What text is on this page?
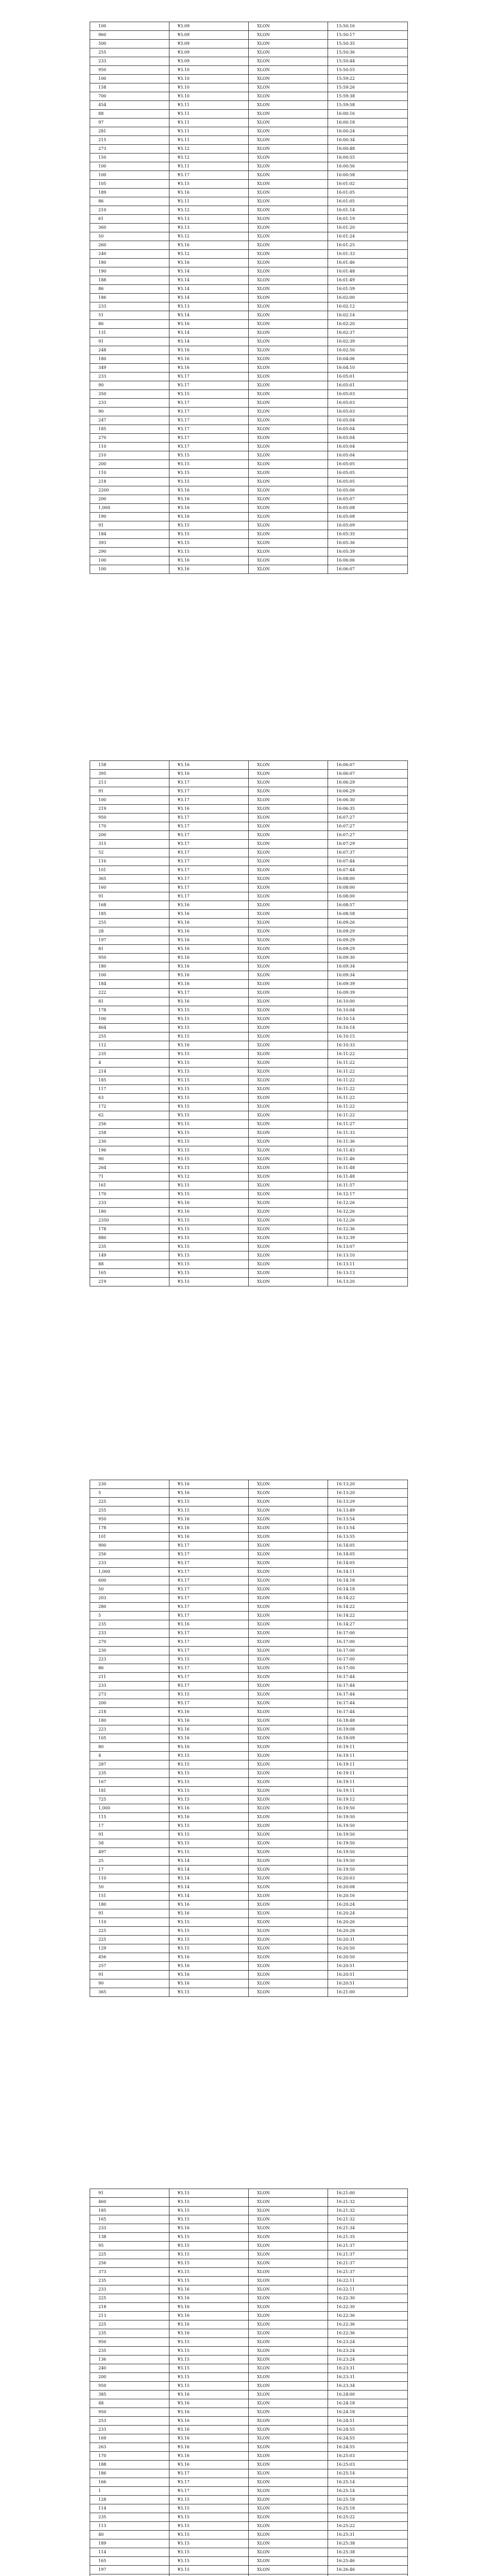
100	¥3.09	XLON	15:50:16
960	¥3.09	XLON	15:50:17
500	¥3.09	XLON	15:50:35
255	¥3.09	XLON	15:50:36
233	¥3.09	XLON	15:50:44
950	¥3.10	XLON	15:50:55
100	¥3.10	XLON	15:59:22
158	¥3.10	XLON	15:59:26
700	¥3.10	XLON	15:59:38
454	¥3.11	XLON	15:59:58
88	¥3.11	XLON	16:00:16
97	¥3.11	XLON	16:00:18
281	¥3.11	XLON	16:00:24
215	¥3.11	XLON	16:00:34
273	¥3.12	XLON	16:00:48
150	¥3.12	XLON	16:00:55
100	¥3.11	XLON	16:00:56
100	¥3.17	XLON	16:00:58
105	¥3.15	XLON	16:01:02
189	¥3.16	XLON	16:01:05
86	¥3.11	XLON	16:01:05
210	¥3.12	XLON	16:01:14
61	¥3.13	XLON	16:01:19
360	¥3.13	XLON	16:01:20
50	¥3.12	XLON	16:01:24
260	¥3.16	XLON	16:01:25
240	¥3.12	XLON	16:01:33
180	¥3.16	XLON	16:01:46
190	¥3.14	XLON	16:01:48
188	¥3.14	XLON	16:01:49
86	¥3.14	XLON	16:01:59
186	¥3.14	XLON	16:02:00
233	¥3.13	XLON	16:02:12
51	¥3.14	XLON	16:02:14
86	¥3.16	XLON	16:02:20
131	¥3.14	XLON	16:02:37
91	¥3.14	XLON	16:02:39
248	¥3.16	XLON	16:02:50
180	¥3.16	XLON	16:04:06
349	¥3.16	XLON	16:04:10
233	¥3.17	XLON	16:05:01
90	¥3.17	XLON	16:05:01
350	¥3.15	XLON	16:05:03
233	¥3.17	XLON	16:05:03
90	¥3.17	XLON	16:05:03
247	¥3.17	XLON	16:05:04
185	¥3.17	XLON	16:05:04
270	¥3.17	XLON	16:05:04
110	¥3.17	XLON	16:05:04
210	¥3.15	XLON	16:05:04
200	¥3.15	XLON	16:05:05
110	¥3.15	XLON	16:05:05
218	¥3.15	XLON	16:05:05
2200	¥3.16	XLON	16:05:06
200	¥3.16	XLON	16:05:07
1,000	¥3.16	XLON	16:05:08
190	¥3.16	XLON	16:05:08
91	¥3.15	XLON	16:05:09
184	¥3.15	XLON	16:05:35
393	¥3.15	XLON	16:05:36
290	¥3.15	XLON	16:05:39
100	¥3.16	XLON	16:06:06
100	¥3.16	XLON	16:06:07
158	¥3.16	XLON	16:06:07
395	¥3.16	XLON	16:06:07
213	¥3.17	XLON	16:06:29
91	¥3.17	XLON	16:06:29
100	¥3.17	XLON	16:06:30
219	¥3.16	XLON	16:06:35
950	¥3.17	XLON	16:07:27
170	¥3.17	XLON	16:07:27
200	¥3.17	XLON	16:07:27
315	¥3.17	XLON	16:07:29
52	¥3.17	XLON	16:07:37
116	¥3.17	XLON	16:07:44
101	¥3.17	XLON	16:07:44
365	¥3.17	XLON	16:08:00
160	¥3.17	XLON	16:08:00
91	¥3.17	XLON	16:08:00
168	¥3.16	XLON	16:08:57
185	¥3.16	XLON	16:08:58
255	¥3.16	XLON	16:09:26
28	¥3.16	XLON	16:09:29
197	¥3.16	XLON	16:09:29
81	¥3.16	XLON	16:09:29
950	¥3.16	XLON	16:09:30
180	¥3.16	XLON	16:09:34
100	¥3.16	XLON	16:09:34
184	¥3.16	XLON	16:09:39
222	¥3.17	XLON	16:09:39
81	¥3.16	XLON	16:10:00
178	¥3.15	XLON	16:10:04
100	¥3.15	XLON	16:10:14
464	¥3.15	XLON	16:10:14
255	¥3.15	XLON	16:10:15
112	¥3.16	XLON	16:10:33
235	¥3.15	XLON	16:11:22
4	¥3.15	XLON	16:11:22
214	¥3.15	XLON	16:11:22
185	¥3.15	XLON	16:11:22
117	¥3.15	XLON	16:11:22
63	¥3.15	XLON	16:11:22
172	¥3.15	XLON	16:11:22
62	¥3.15	XLON	16:11:22
256	¥3.15	XLON	16:11:27
258	¥3.15	XLON	16:11:33
230	¥3.15	XLON	16:11:36
196	¥3.15	XLON	16:11:43
90	¥3.15	XLON	16:11:46
264	¥3.15	XLON	16:11:48
71	¥3.12	XLON	16:11:48
161	¥3.15	XLON	16:11:57
170	¥3.15	XLON	16:12:17
233	¥3.16	XLON	16:12:26
180	¥3.16	XLON	16:12:26
2350	¥3.15	XLON	16:12:26
178	¥3.15	XLON	16:12:36
880	¥3.15	XLON	16:12:39
235	¥3.15	XLON	16:13:07
149	¥3.15	XLON	16:13:10
88	¥3.15	XLON	16:13:11
165	¥3.15	XLON	16:13:13
219	¥3.15	XLON	16:13:20
230	¥3.16	XLON	16:13:20
5	¥3.16	XLON	16:13:20
225	¥3.15	XLON	16:13:29
255	¥3.15	XLON	16:13:49
950	¥3.16	XLON	16:13:54
178	¥3.16	XLON	16:13:54
101	¥3.16	XLON	16:13:55
900	¥3.17	XLON	16:14:05
256	¥3.17	XLON	16:14:05
233	¥3.17	XLON	16:14:05
1,000	¥3.17	XLON	16:14:11
600	¥3.17	XLON	16:14:18
50	¥3.17	XLON	16:14:18
203	¥3.17	XLON	16:14:22
280	¥3.17	XLON	16:14:22
5	¥3.17	XLON	16:14:22
235	¥3.16	XLON	16:14:27
233	¥3.17	XLON	16:17:00
270	¥3.17	XLON	16:17:00
230	¥3.17	XLON	16:17:00
223	¥3.15	XLON	16:17:00
86	¥3.17	XLON	16:17:00
211	¥3.17	XLON	16:17:44
233	¥3.17	XLON	16:17:44
273	¥3.15	XLON	16:17:44
200	¥3.17	XLON	16:17:44
218	¥3.16	XLON	16:17:44
180	¥3.16	XLON	16:18:48
223	¥3.16	XLON	16:19:08
105	¥3.16	XLON	16:19:09
80	¥3.16	XLON	16:19:11
4	¥3.15	XLON	16:19:11
287	¥3.15	XLON	16:19:11
235	¥3.15	XLON	16:19:11
167	¥3.15	XLON	16:19:11
181	¥3.15	XLON	16:19:11
725	¥3.15	XLON	16:19:12
1,000	¥3.16	XLON	16:19:50
115	¥3.16	XLON	16:19:50
17	¥3.15	XLON	16:19:50
91	¥3.15	XLON	16:19:50
58	¥3.15	XLON	16:19:50
497	¥3.15	XLON	16:19:50
25	¥3.14	XLON	16:19:50
17	¥3.14	XLON	16:19:50
110	¥3.14	XLON	16:20:03
50	¥3.14	XLON	16:20:08
151	¥3.14	XLON	16:20:16
180	¥3.16	XLON	16:20:24
91	¥3.16	XLON	16:20:24
110	¥3.15	XLON	16:20:26
225	¥3.15	XLON	16:20:28
225	¥3.15	XLON	16:20:31
129	¥3.15	XLON	16:20:50
456	¥3.16	XLON	16:20:50
257	¥3.16	XLON	16:20:51
91	¥3.16	XLON	16:20:51
90	¥3.16	XLON	16:20:51
365	¥3.15	XLON	16:21:00
91	¥3.15	XLON	16:21:00
460	¥3.15	XLON	16:21:32
185	¥3.15	XLON	16:21:32
165	¥3.15	XLON	16:21:32
233	¥3.16	XLON	16:21:34
138	¥3.15	XLON	16:21:35
95	¥3.15	XLON	16:21:37
225	¥3.15	XLON	16:21:37
256	¥3.15	XLON	16:21:37
373	¥3.15	XLON	16:21:37
235	¥3.15	XLON	16:22:11
233	¥3.16	XLON	16:22:11
225	¥3.16	XLON	16:22:30
218	¥3.16	XLON	16:22:30
213	¥3.16	XLON	16:22:36
225	¥3.16	XLON	16:22:36
235	¥3.16	XLON	16:22:36
950	¥3.15	XLON	16:23:24
235	¥3.15	XLON	16:23:24
136	¥3.15	XLON	16:23:24
240	¥3.15	XLON	16:23:31
200	¥3.15	XLON	16:23:31
950	¥3.15	XLON	16:23:34
385	¥3.16	XLON	16:24:00
48	¥3.16	XLON	16:24:18
950	¥3.16	XLON	16:24:18
253	¥3.16	XLON	16:24:51
233	¥3.16	XLON	16:24:55
169	¥3.16	XLON	16:24:55
263	¥3.16	XLON	16:24:55
170	¥3.16	XLON	16:25:03
188	¥3.16	XLON	16:25:03
186	¥3.17	XLON	16:25:14
166	¥3.17	XLON	16:25:14
1	¥3.17	XLON	16:25:14
128	¥3.15	XLON	16:25:18
114	¥3.15	XLON	16:25:18
235	¥3.15	XLON	16:25:22
113	¥3.15	XLON	16:25:22
40	¥3.15	XLON	16:25:31
189	¥3.15	XLON	16:25:38
114	¥3.15	XLON	16:25:38
165	¥3.15	XLON	16:25:46
197	¥3.15	XLON	16:26:46
